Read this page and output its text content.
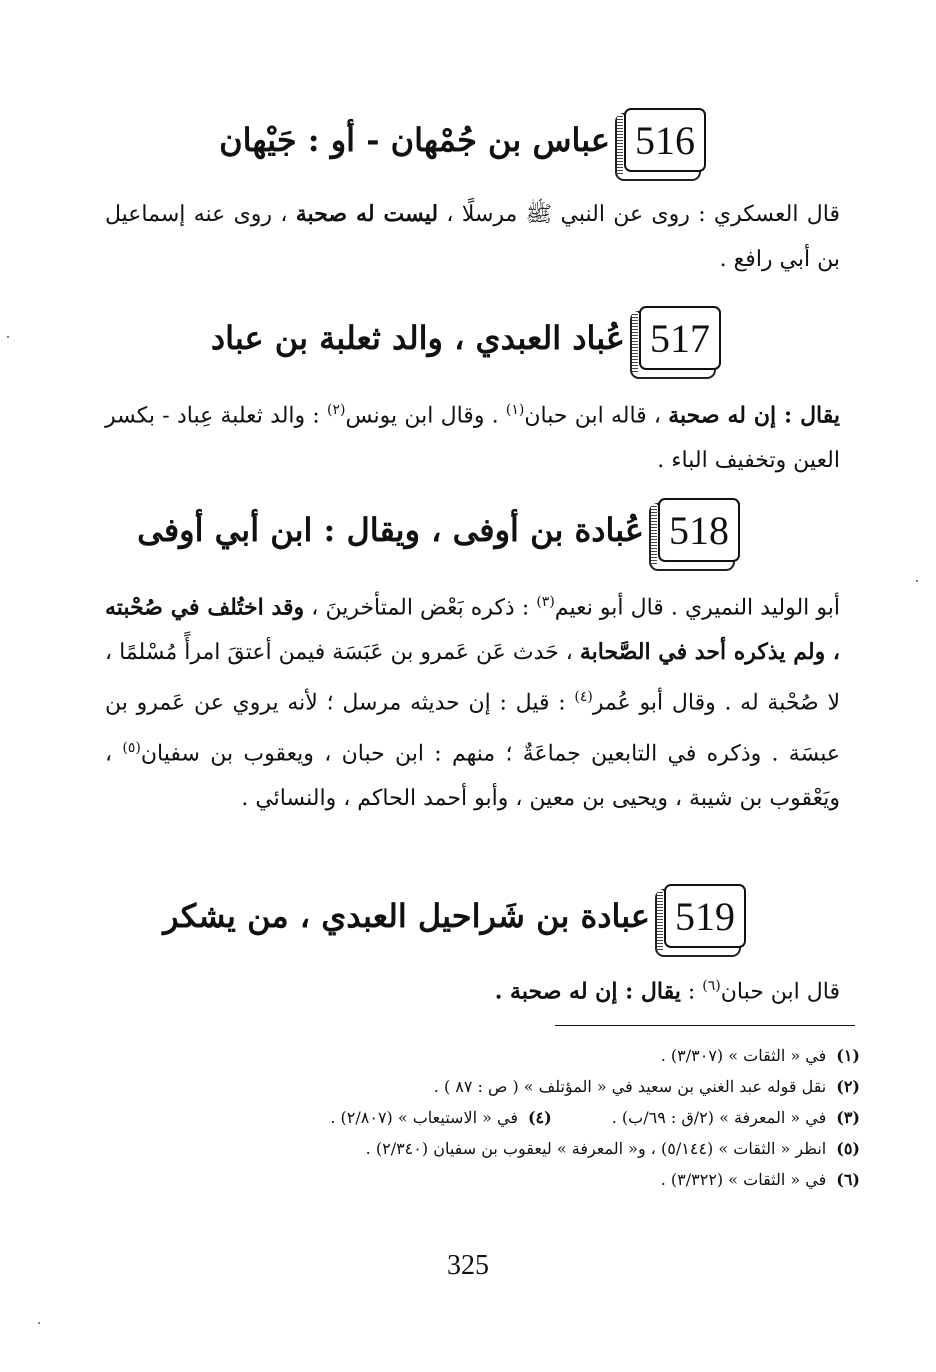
516
عباس بن جُمْهان - أو : جَيْهان
قال العسكري : روى عن النبي ﷺ مرسلًا ، ليست له صحبة ، روى عنه إسماعيل بن أبي رافع .
517
عُباد العبدي ، والد ثعلبة بن عباد
يقال : إن له صحبة ، قاله ابن حبان$^{(١)}$ . وقال ابن يونس$^{(٢)}$ : والد ثعلبة عِباد - بكسر العين وتخفيف الباء .
518
عُبادة بن أوفى ، ويقال : ابن أبي أوفى
أبو الوليد النميري . قال أبو نعيم$^{(٣)}$ : ذكره بَعْض المتأخرينَ ، وقد اختُلف في صُحْبته ، ولم يذكره أحد في الصَّحابة ، حَدث عَن عَمرو بن عَبَسَة فيمن أعتقَ امرأً مُسْلمًا ، لا صُحْبة له . وقال أبو عُمر$^{(٤)}$ : قيل : إن حديثه مرسل ؛ لأنه يروي عن عَمرو بن عبسَة . وذكره في التابعين جماعَةٌ ؛ منهم : ابن حبان ، ويعقوب بن سفيان$^{(٥)}$ ، ويَعْقوب بن شيبة ، ويحيى بن معين ، وأبو أحمد الحاكم ، والنسائي .
519
عبادة بن شَراحيل العبدي ، من يشكر
قال ابن حبان$^{(٦)}$ : يقال : إن له صحبة .
(١)في « الثقات » (٣/٣٠٧) .
(٢)نقل قوله عبد الغني بن سعيد في « المؤتلف » ( ص : ٨٧ ) .
(٣)في « المعرفة » (٢/ق : ٦٩/ب) .
(٤)في « الاستيعاب » (٢/٨٠٧) .
(٥)انظر « الثقات » (٥/١٤٤) ، و« المعرفة » ليعقوب بن سفيان (٢/٣٤٠) .
(٦)في « الثقات » (٣/٣٢٢) .
325
